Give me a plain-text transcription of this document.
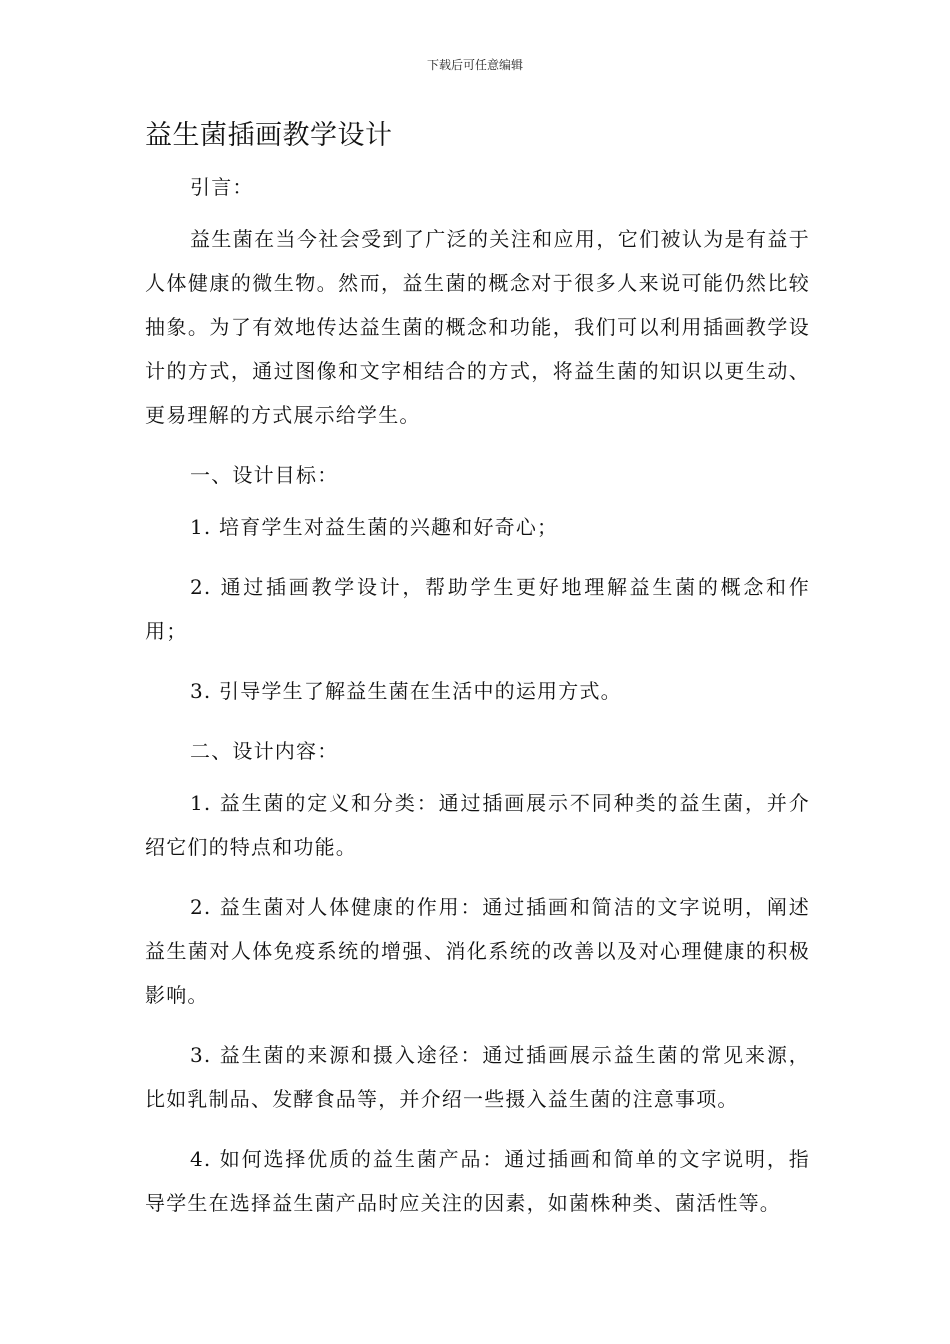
下载后可任意编辑
益生菌插画教学设计

引言：

益生菌在当今社会受到了广泛的关注和应用，它们被认为是有益于人体健康的微生物。然而，益生菌的概念对于很多人来说可能仍然比较抽象。为了有效地传达益生菌的概念和功能，我们可以利用插画教学设计的方式，通过图像和文字相结合的方式，将益生菌的知识以更生动、更易理解的方式展示给学生。

一、设计目标：

1. 培育学生对益生菌的兴趣和好奇心；

2. 通过插画教学设计，帮助学生更好地理解益生菌的概念和作用；

3. 引导学生了解益生菌在生活中的运用方式。

二、设计内容：

1. 益生菌的定义和分类：通过插画展示不同种类的益生菌，并介绍它们的特点和功能。

2. 益生菌对人体健康的作用：通过插画和简洁的文字说明，阐述益生菌对人体免疫系统的增强、消化系统的改善以及对心理健康的积极影响。

3. 益生菌的来源和摄入途径：通过插画展示益生菌的常见来源，比如乳制品、发酵食品等，并介绍一些摄入益生菌的注意事项。

4. 如何选择优质的益生菌产品：通过插画和简单的文字说明，指导学生在选择益生菌产品时应关注的因素，如菌株种类、菌活性等。
